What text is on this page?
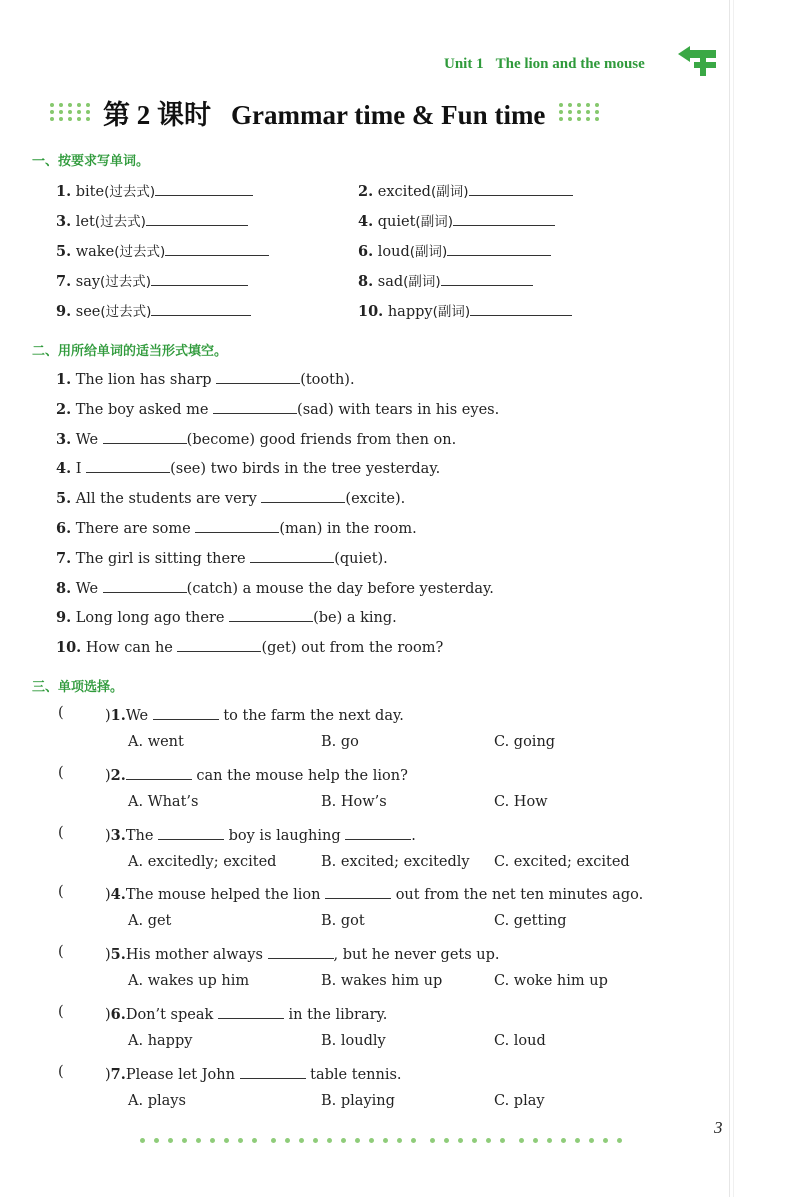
Unit 1 The lion and the mouse
第 2 课时 Grammar time & Fun time
一、按要求写单词。
1. bite(过去式)	2. excited(副词)
3. let(过去式)	4. quiet(副词)
5. wake(过去式)	6. loud(副词)
7. say(过去式)	8. sad(副词)
9. see(过去式)	10. happy(副词)
二、用所给单词的适当形式填空。
1. The lion has sharp	(tooth).
2. The boy asked me	(sad) with tears in his eyes.
3. We	(become) good friends from then on.
4. I	(see) two birds in the tree yesterday.
5. All the students are very	(excite).
6. There are some	(man) in the room.
7. The girl is sitting there	(quiet).
8. We	(catch) a mouse the day before yesterday.
9. Long long ago there	(be) a king.
10. How can he	(get) out from the room?
三、单项选择。
(	)1.We	to the farm the next day.
A. went	B. go	C. going
(	)2.	can the mouse help the lion?
A. What’s	B. How’s	C. How
(	)3.The	boy is laughing	.
A. excitedly; excited	B. excited; excitedly C. excited; excited
(	)4.The mouse helped the lion	out from the net ten minutes ago.
A. get	B. got	C. getting
(	)5.His mother always	, but he never gets up.
A. wakes up him	B. wakes him up	C. woke him up
(	)6.Don’t speak	in the library.
A. happy	B. loudly	C. loud
(	)7.Please let John	table tennis.
A. plays	B. playing	C. play
3
